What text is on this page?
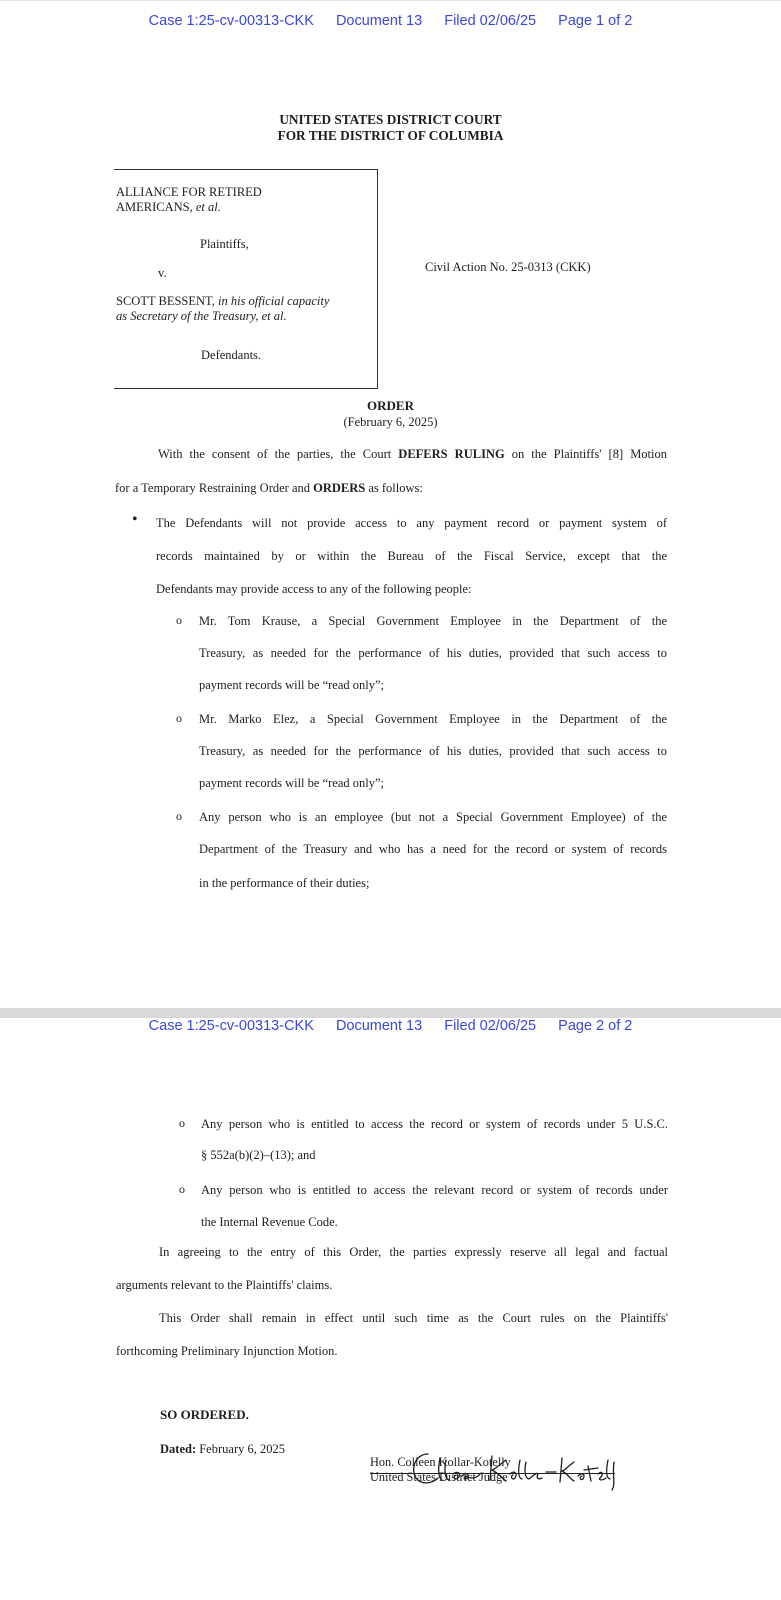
Case 1:25-cv-00313-CKK Document 13 Filed 02/06/25 Page 1 of 2
UNITED STATES DISTRICT COURT
FOR THE DISTRICT OF COLUMBIA
ALLIANCE FOR RETIRED
AMERICANS, et al.
Plaintiffs,
v.
SCOTT BESSENT, in his official capacity
as Secretary of the Treasury, et al.
Defendants.
Civil Action No. 25-0313 (CKK)
ORDER
(February 6, 2025)
With the consent of the parties, the Court DEFERS RULING on the Plaintiffs' [8] Motion
for a Temporary Restraining Order and ORDERS as follows:
• The Defendants will not provide access to any payment record or payment system of
records maintained by or within the Bureau of the Fiscal Service, except that the
Defendants may provide access to any of the following people:
o Mr. Tom Krause, a Special Government Employee in the Department of the
Treasury, as needed for the performance of his duties, provided that such access to
payment records will be “read only”;
o Mr. Marko Elez, a Special Government Employee in the Department of the
Treasury, as needed for the performance of his duties, provided that such access to
payment records will be “read only”;
o Any person who is an employee (but not a Special Government Employee) of the
Department of the Treasury and who has a need for the record or system of records
in the performance of their duties;
Case 1:25-cv-00313-CKK Document 13 Filed 02/06/25 Page 2 of 2
o Any person who is entitled to access the record or system of records under 5 U.S.C.
§ 552a(b)(2)–(13); and
o Any person who is entitled to access the relevant record or system of records under
the Internal Revenue Code.
In agreeing to the entry of this Order, the parties expressly reserve all legal and factual
arguments relevant to the Plaintiffs' claims.
This Order shall remain in effect until such time as the Court rules on the Plaintiffs'
forthcoming Preliminary Injunction Motion.
SO ORDERED.
Dated: February 6, 2025
Hon. Colleen Kollar-Kotelly
United States District Judge
